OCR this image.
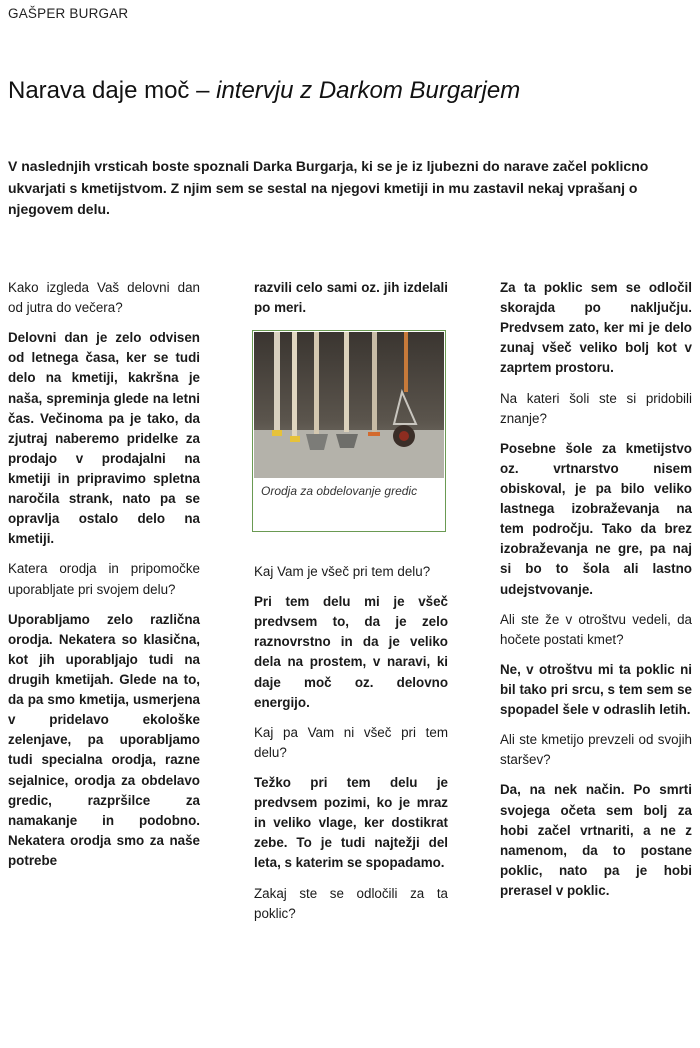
GAŠPER BURGAR
Narava daje moč – intervju z Darkom Burgarjem

V naslednjih vrsticah boste spoznali Darka Burgarja, ki se je iz ljubezni do narave začel poklicno ukvarjati s kmetijstvom. Z njim sem se sestal na njegovi kmetiji in mu zastavil nekaj vprašanj o njegovem delu.

Kako izgleda Vaš delovni dan od jutra do večera?

Delovni dan je zelo odvisen od letnega časa, ker se tudi delo na kmetiji, kakršna je naša, spreminja glede na letni čas. Večinoma pa je tako, da zjutraj naberemo pridelke za prodajo v prodajalni na kmetiji in pripravimo spletna naročila strank, nato pa se opravlja ostalo delo na kmetiji.

Katera orodja in pripomočke uporabljate pri svojem delu?

Uporabljamo zelo različna orodja. Nekatera so klasična, kot jih uporabljajo tudi na drugih kmetijah. Glede na to, da pa smo kmetija, usmerjena v pridelavo ekološke zelenjave, pa uporabljamo tudi specialna orodja, razne sejalnice, orodja za obdelavo gredic, razpršilce za namakanje in podobno. Nekatera orodja smo za naše potrebe

razvili celo sami oz. jih izdelali po meri.

Orodja za obdelovanje gredic

Kaj Vam je všeč pri tem delu?

Pri tem delu mi je všeč predvsem to, da je zelo raznovrstno in da je veliko dela na prostem, v naravi, ki daje moč oz. delovno energijo.

Kaj pa Vam ni všeč pri tem delu?

Težko pri tem delu je predvsem pozimi, ko je mraz in veliko vlage, ker dostikrat zebe. To je tudi najtežji del leta, s katerim se spopadamo.

Zakaj ste se odločili za ta poklic?

Za ta poklic sem se odločil skorajda po naključju. Predvsem zato, ker mi je delo zunaj všeč veliko bolj kot v zaprtem prostoru.

Na kateri šoli ste si pridobili znanje?

Posebne šole za kmetijstvo oz. vrtnarstvo nisem obiskoval, je pa bilo veliko lastnega izobraževanja na tem področju. Tako da brez izobraževanja ne gre, pa naj si bo to šola ali lastno udejstvovanje.

Ali ste že v otroštvu vedeli, da hočete postati kmet?

Ne, v otroštvu mi ta poklic ni bil tako pri srcu, s tem sem se spopadel šele v odraslih letih.

Ali ste kmetijo prevzeli od svojih staršev?

Da, na nek način. Po smrti svojega očeta sem bolj za hobi začel vrtnariti, a ne z namenom, da to postane poklic, nato pa je hobi prerasel v poklic.
